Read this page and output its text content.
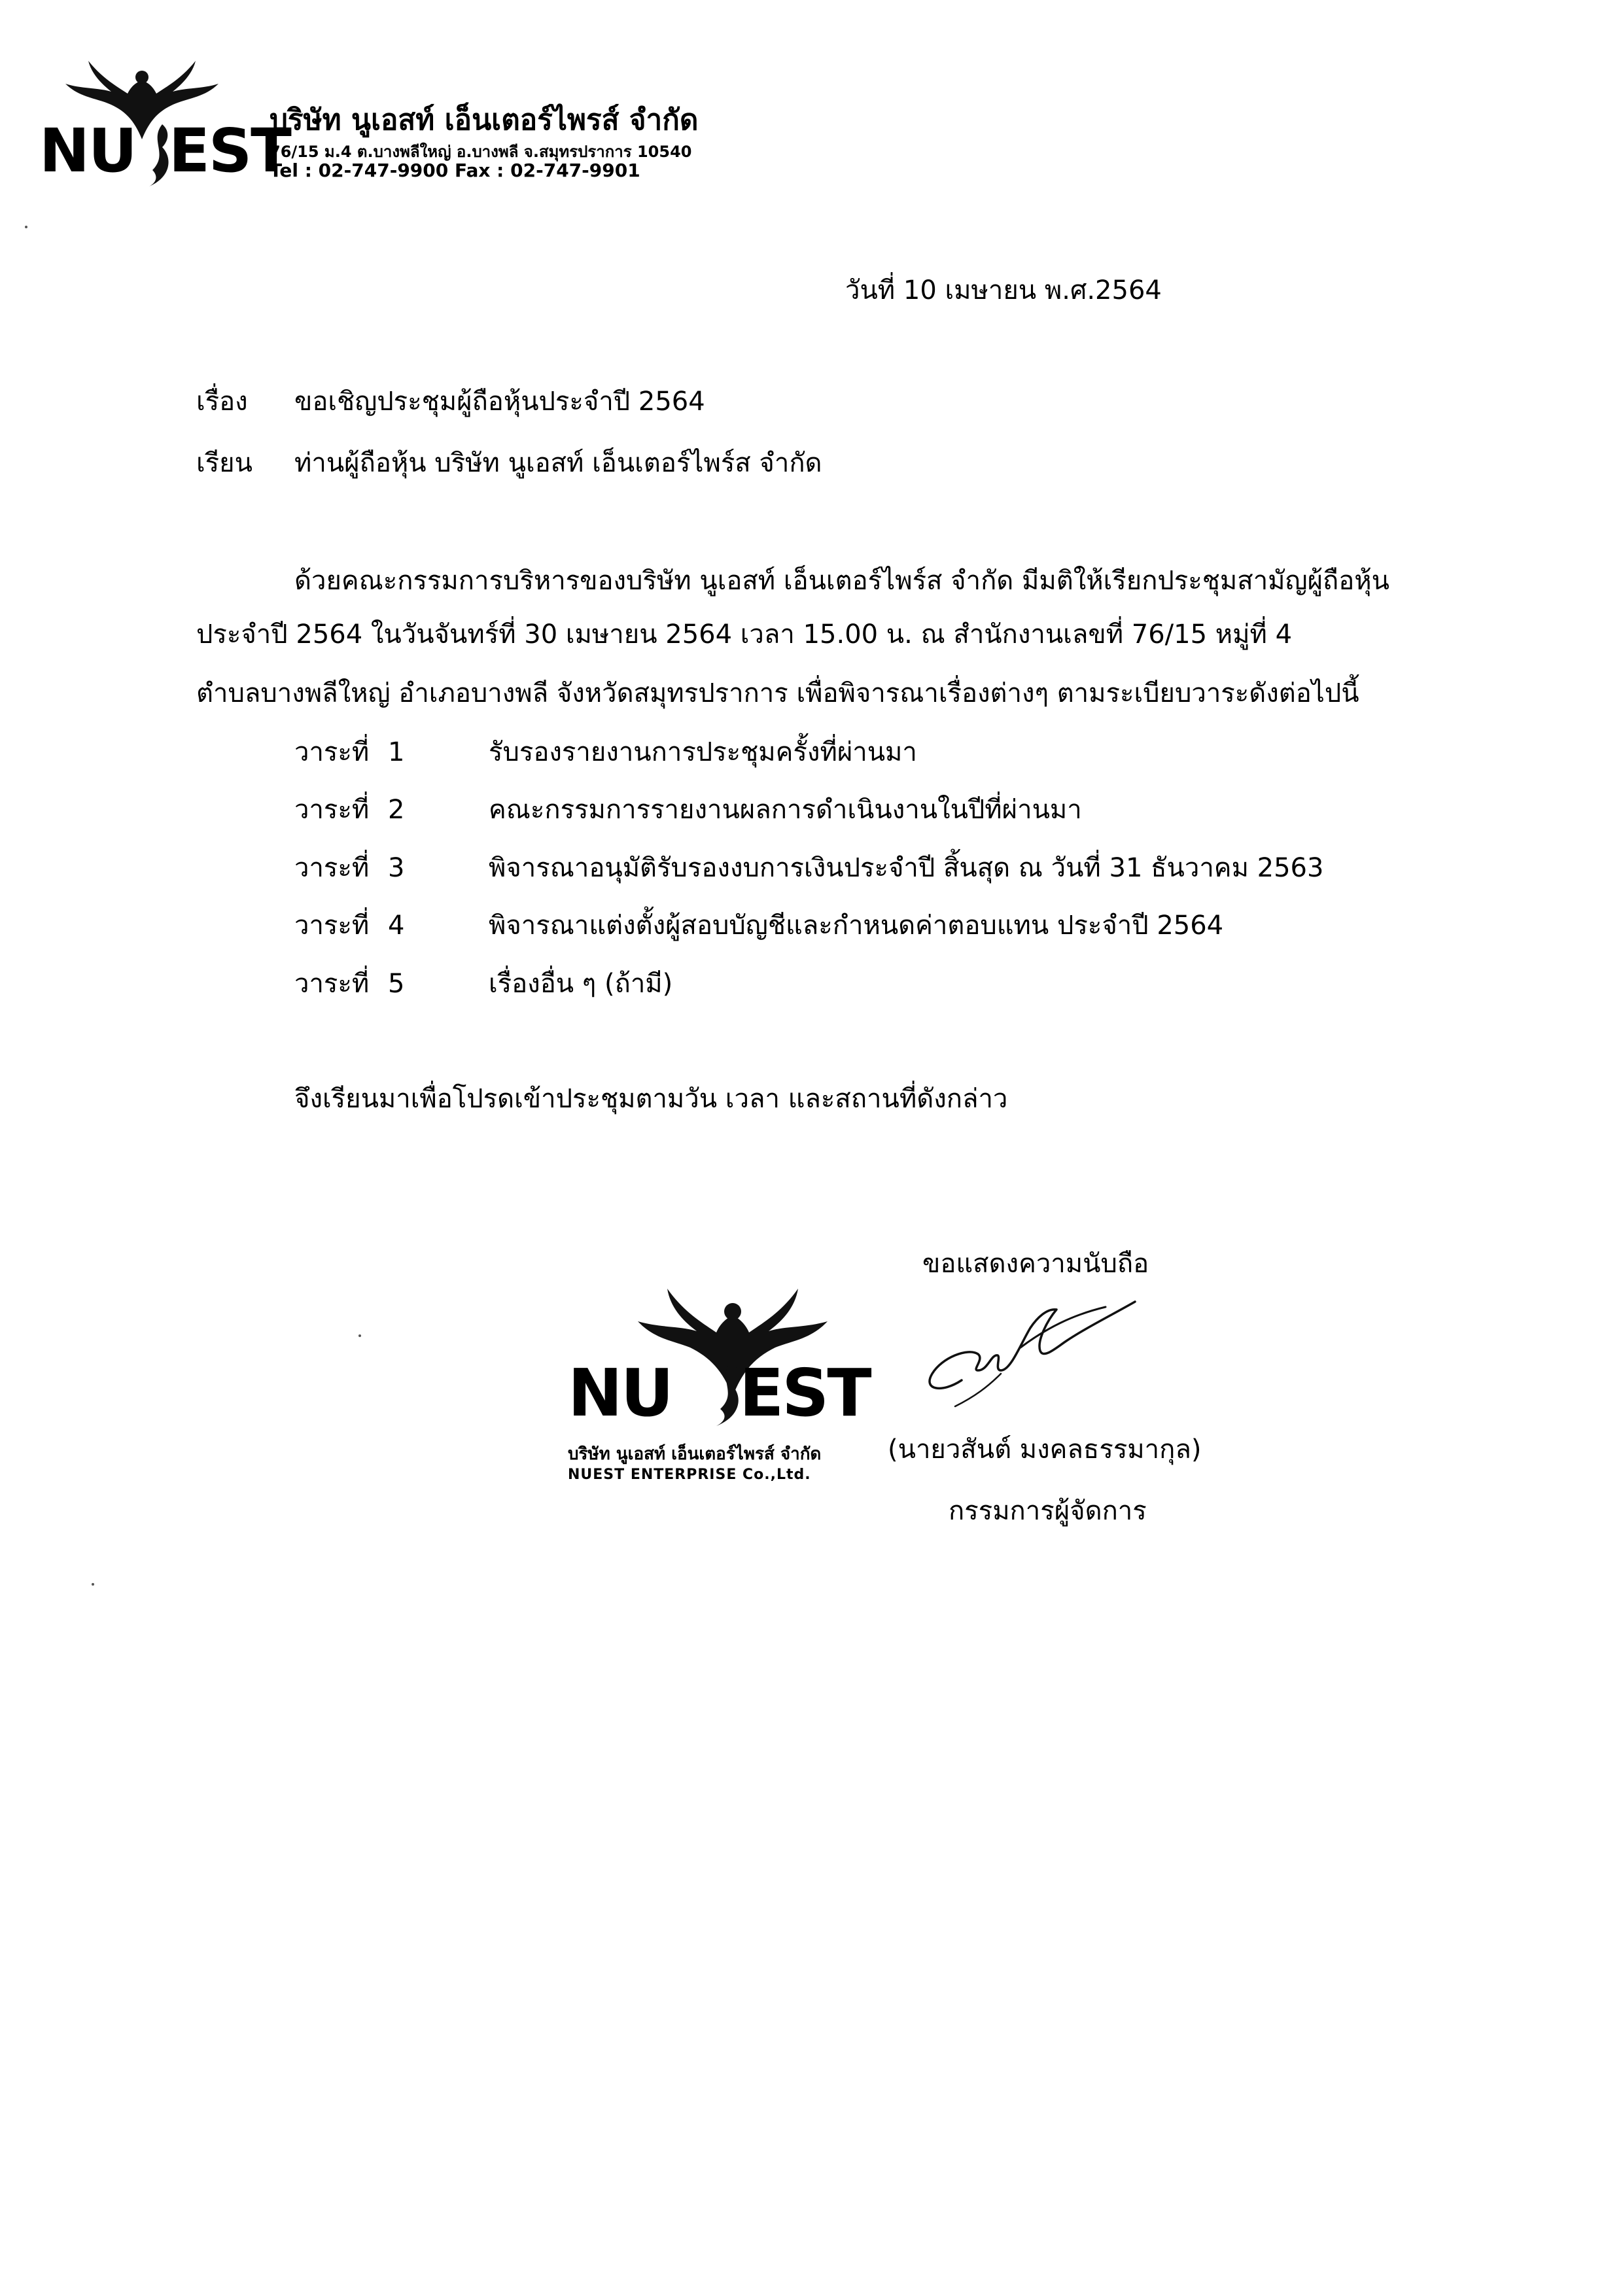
NU EST
บริษัท นูเอสท์ เอ็นเตอร์ไพรส์ จำกัด
76/15 ม.4 ต.บางพลีใหญ่ อ.บางพลี จ.สมุทรปราการ 10540
Tel : 02-747-9900 Fax : 02-747-9901
วันที่ 10 เมษายน พ.ศ.2564
เรื่อง ขอเชิญประชุมผู้ถือหุ้นประจำปี 2564
เรียน ท่านผู้ถือหุ้น บริษัท นูเอสท์ เอ็นเตอร์ไพร์ส จำกัด
ด้วยคณะกรรมการบริหารของบริษัท นูเอสท์ เอ็นเตอร์ไพร์ส จำกัด มีมติให้เรียกประชุมสามัญผู้ถือหุ้น
ประจำปี 2564 ในวันจันทร์ที่ 30 เมษายน 2564 เวลา 15.00 น. ณ สำนักงานเลขที่ 76/15 หมู่ที่ 4
ตำบลบางพลีใหญ่ อำเภอบางพลี จังหวัดสมุทรปราการ เพื่อพิจารณาเรื่องต่างๆ ตามระเบียบวาระดังต่อไปนี้
วาระที่ 1	รับรองรายงานการประชุมครั้งที่ผ่านมา
วาระที่ 2	คณะกรรมการรายงานผลการดำเนินงานในปีที่ผ่านมา
วาระที่ 3	พิจารณาอนุมัติรับรองงบการเงินประจำปี สิ้นสุด ณ วันที่ 31 ธันวาคม 2563
วาระที่ 4	พิจารณาแต่งตั้งผู้สอบบัญชีและกำหนดค่าตอบแทน ประจำปี 2564
วาระที่ 5	เรื่องอื่น ๆ (ถ้ามี)
จึงเรียนมาเพื่อโปรดเข้าประชุมตามวัน เวลา และสถานที่ดังกล่าว
ขอแสดงความนับถือ
NU EST
บริษัท นูเอสท์ เอ็นเตอร์ไพรส์ จำกัด
NUEST ENTERPRISE Co.,Ltd.
(นายวสันต์ มงคลธรรมากุล)
กรรมการผู้จัดการ
